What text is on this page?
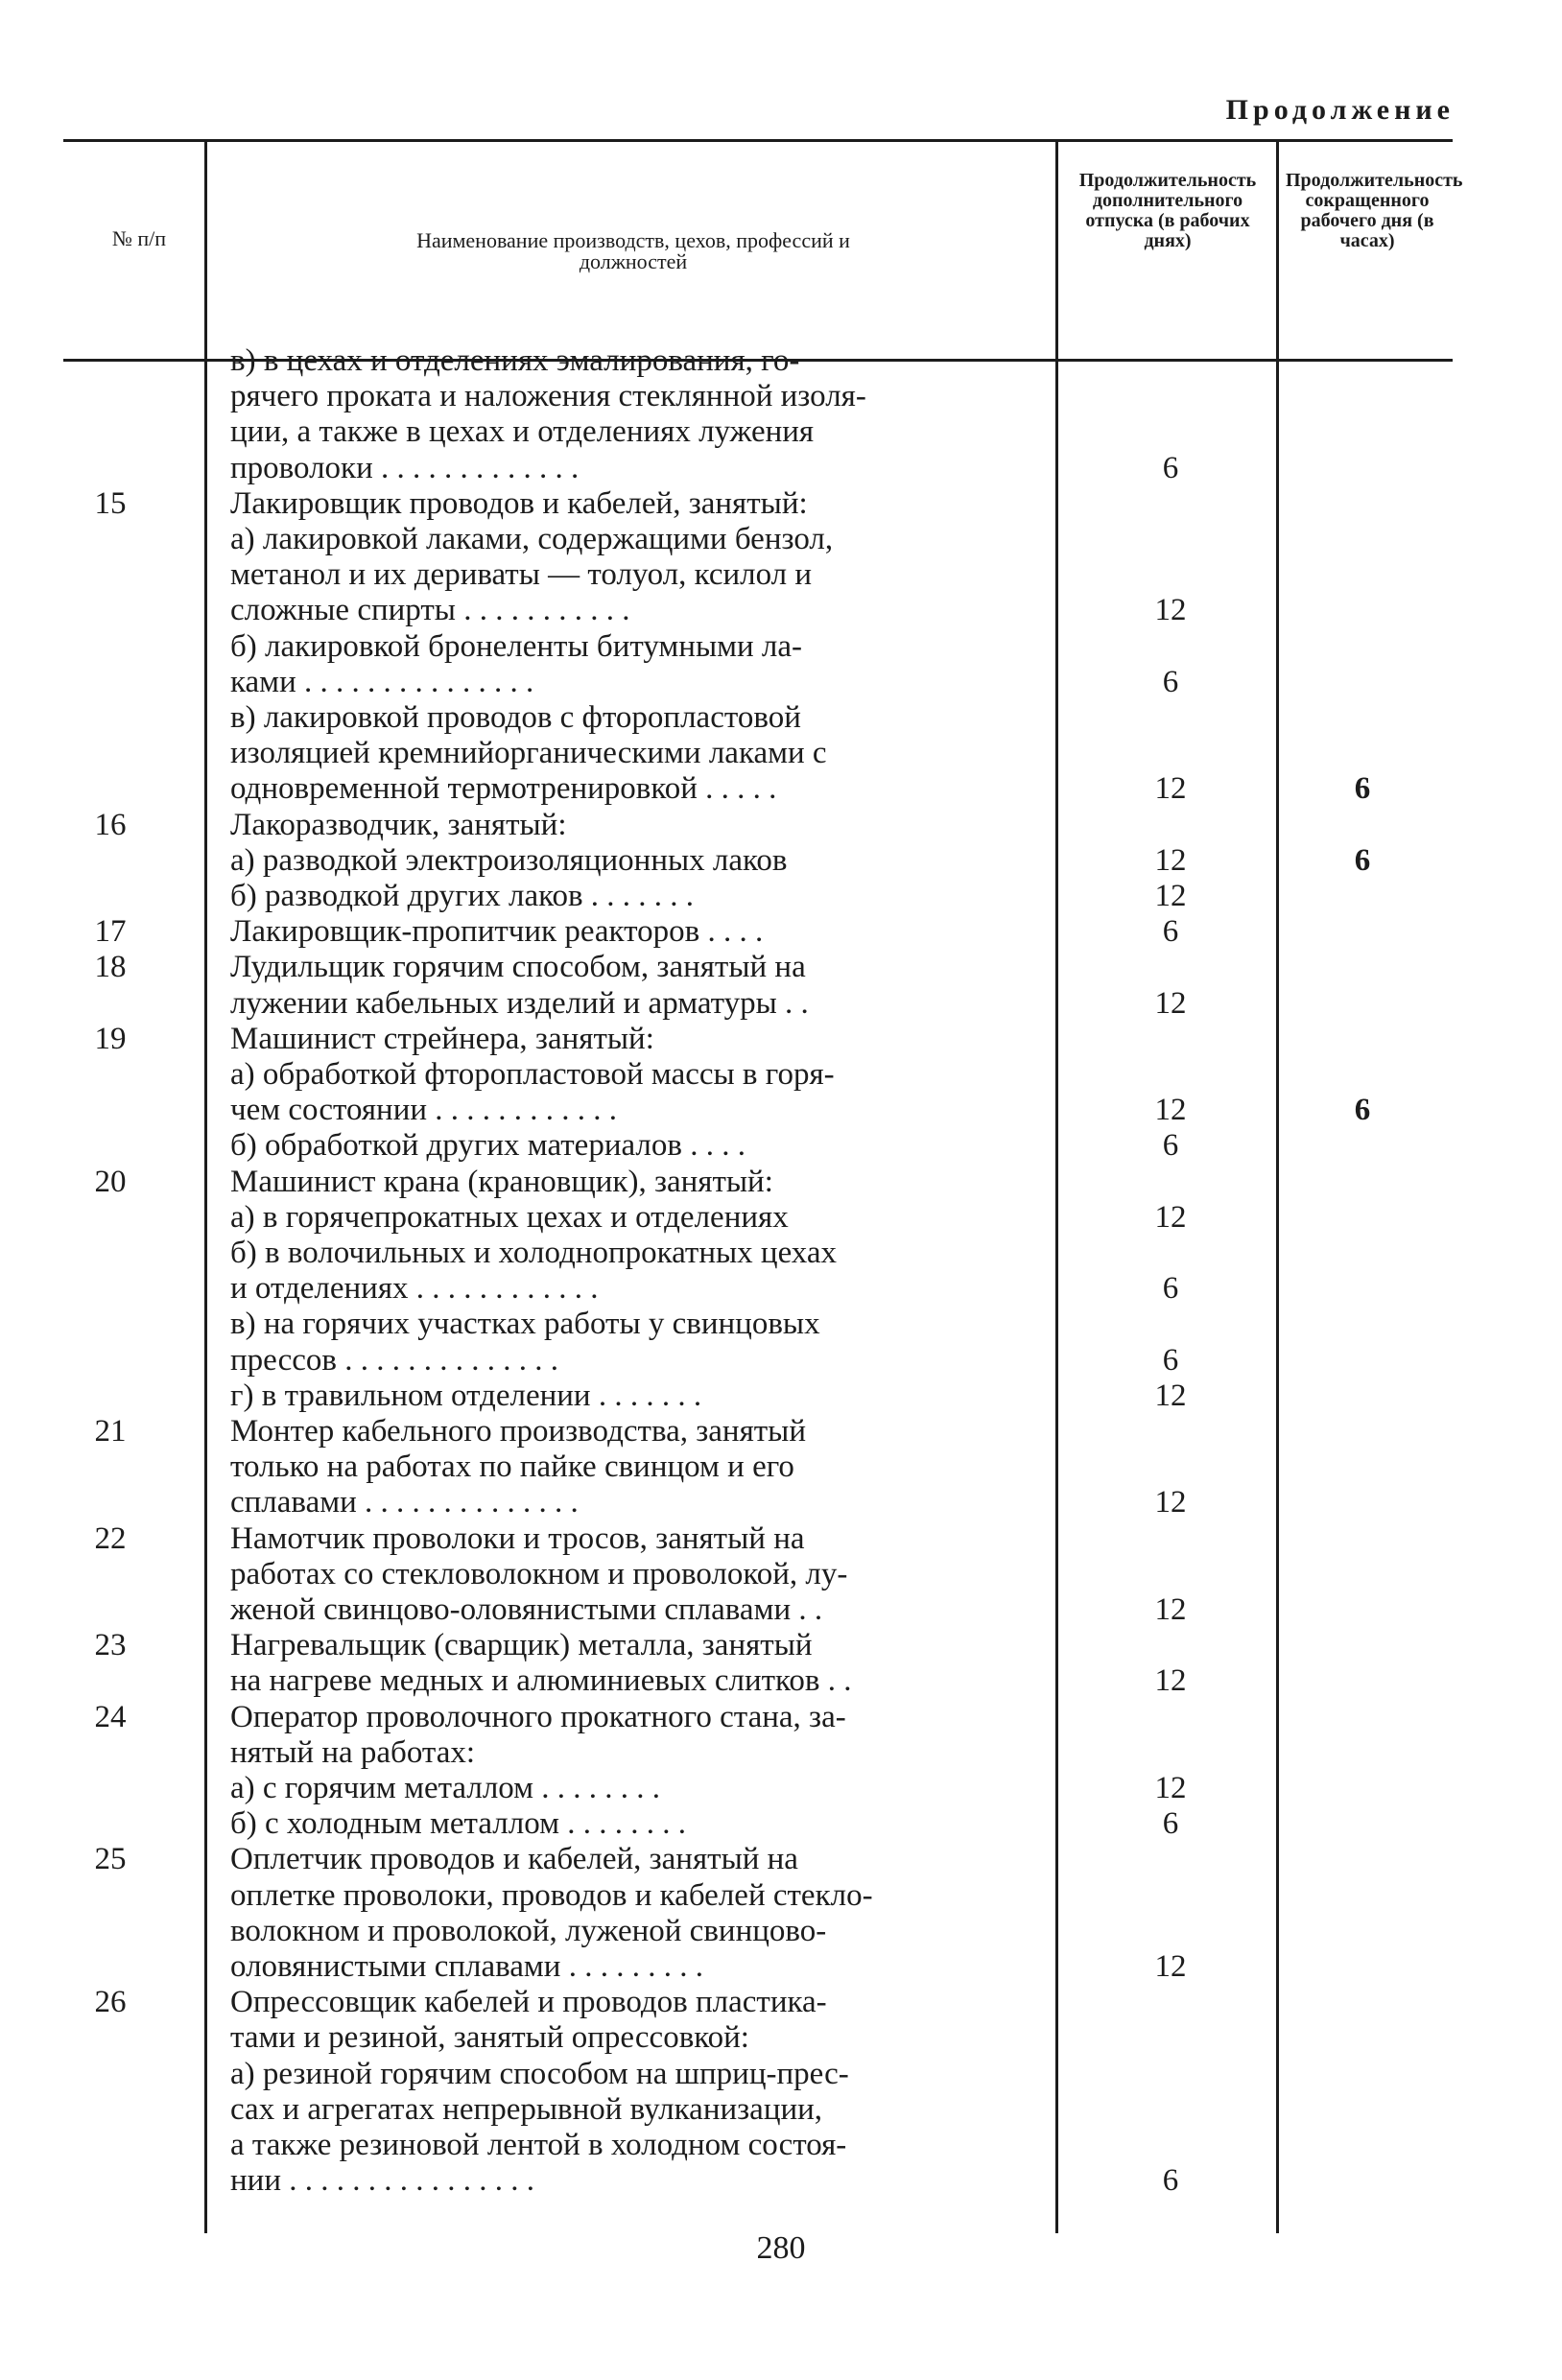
Продолжение
№ п/п	Наименование производств, цехов, профессий и должностей
Продолжительность дополнительного отпуска (в рабочих днях)
Продолжительность сокращенного рабочего дня (в часах)
в) в цехах и отделениях эмалирования, го-
рячего проката и наложения стеклянной изоля-
ции, а также в цехах и отделениях лужения
проволоки . . . . . . . . . . . . .	6
15	Лакировщик проводов и кабелей, занятый:
а) лакировкой лаками, содержащими бензол,
метанол и их дериваты — толуол, ксилол и
сложные спирты . . . . . . . . . . .	12
б) лакировкой бронеленты битумными ла-
ками . . . . . . . . . . . . . . .	6
в) лакировкой проводов с фторопластовой
изоляцией кремнийорганическими лаками с
одновременной термотренировкой . . . . .	12	6
16	Лакоразводчик, занятый:
а) разводкой электроизоляционных лаков	12	6
б) разводкой других лаков . . . . . . .	12
17	Лакировщик-пропитчик реакторов . . . .	6
18	Лудильщик горячим способом, занятый на
лужении кабельных изделий и арматуры . .	12
19	Машинист стрейнера, занятый:
а) обработкой фторопластовой массы в горя-
чем состоянии . . . . . . . . . . . .	12	6
б) обработкой других материалов . . . .	6
20	Машинист крана (крановщик), занятый:
а) в горячепрокатных цехах и отделениях	12
б) в волочильных и холоднопрокатных цехах
и отделениях . . . . . . . . . . . .	6
в) на горячих участках работы у свинцовых
прессов . . . . . . . . . . . . . .	6
г) в травильном отделении . . . . . . .	12
21	Монтер кабельного производства, занятый
только на работах по пайке свинцом и его
сплавами . . . . . . . . . . . . . .	12
22	Намотчик проволоки и тросов, занятый на
работах со стекловолокном и проволокой, лу-
женой свинцово-оловянистыми сплавами . .	12
23	Нагревальщик (сварщик) металла, занятый
на нагреве медных и алюминиевых слитков . .	12
24	Оператор проволочного прокатного стана, за-
нятый на работах:
а) с горячим металлом . . . . . . . .	12
б) с холодным металлом . . . . . . . .	6
25	Оплетчик проводов и кабелей, занятый на
оплетке проволоки, проводов и кабелей стекло-
волокном и проволокой, луженой свинцово-
оловянистыми сплавами . . . . . . . . .	12
26	Опрессовщик кабелей и проводов пластика-
тами и резиной, занятый опрессовкой:
а) резиной горячим способом на шприц-прес-
сах и агрегатах непрерывной вулканизации,
а также резиновой лентой в холодном состоя-
нии . . . . . . . . . . . . . . . .	6
280
